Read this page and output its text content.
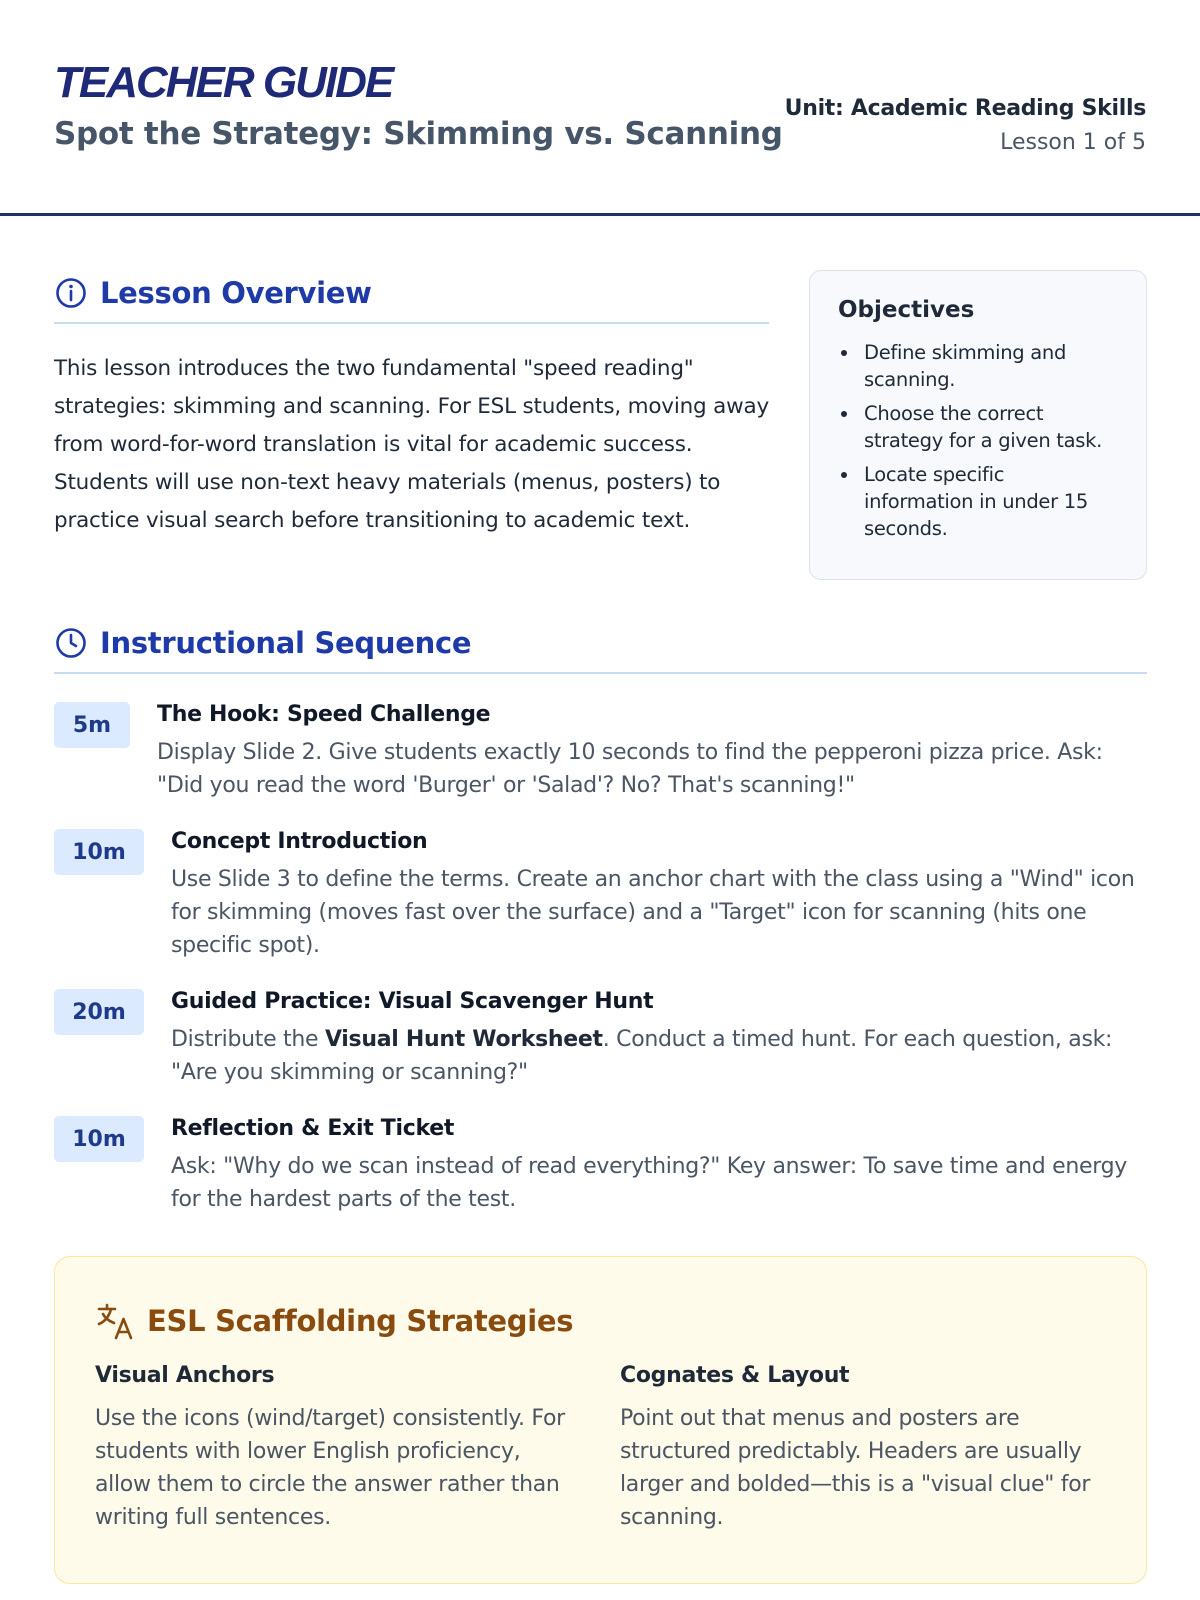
TEACHER GUIDE
Spot the Strategy: Skimming vs. Scanning
Unit: Academic Reading Skills
Lesson 1 of 5
Lesson Overview

This lesson introduces the two fundamental "speed reading" strategies: skimming and scanning. For ESL students, moving away from word-for-word translation is vital for academic success. Students will use non-text heavy materials (menus, posters) to practice visual search before transitioning to academic text.

Objectives
Define skimming and scanning.
Choose the correct strategy for a given task.
Locate specific information in under 15 seconds.
Instructional Sequence
5m	The Hook: Speed Challenge
Display Slide 2. Give students exactly 10 seconds to find the pepperoni pizza price. Ask: "Did you read the word 'Burger' or 'Salad'? No? That's scanning!"
10m	Concept Introduction
Use Slide 3 to define the terms. Create an anchor chart with the class using a "Wind" icon for skimming (moves fast over the surface) and a "Target" icon for scanning (hits one specific spot).
20m	Guided Practice: Visual Scavenger Hunt
Distribute the Visual Hunt Worksheet. Conduct a timed hunt. For each question, ask: "Are you skimming or scanning?"
10m	Reflection & Exit Ticket
Ask: "Why do we scan instead of read everything?" Key answer: To save time and energy for the hardest parts of the test.
ESL Scaffolding Strategies
Visual Anchors

Use the icons (wind/target) consistently. For students with lower English proficiency, allow them to circle the answer rather than writing full sentences.

Cognates & Layout

Point out that menus and posters are structured predictably. Headers are usually larger and bolded—this is a "visual clue" for scanning.
